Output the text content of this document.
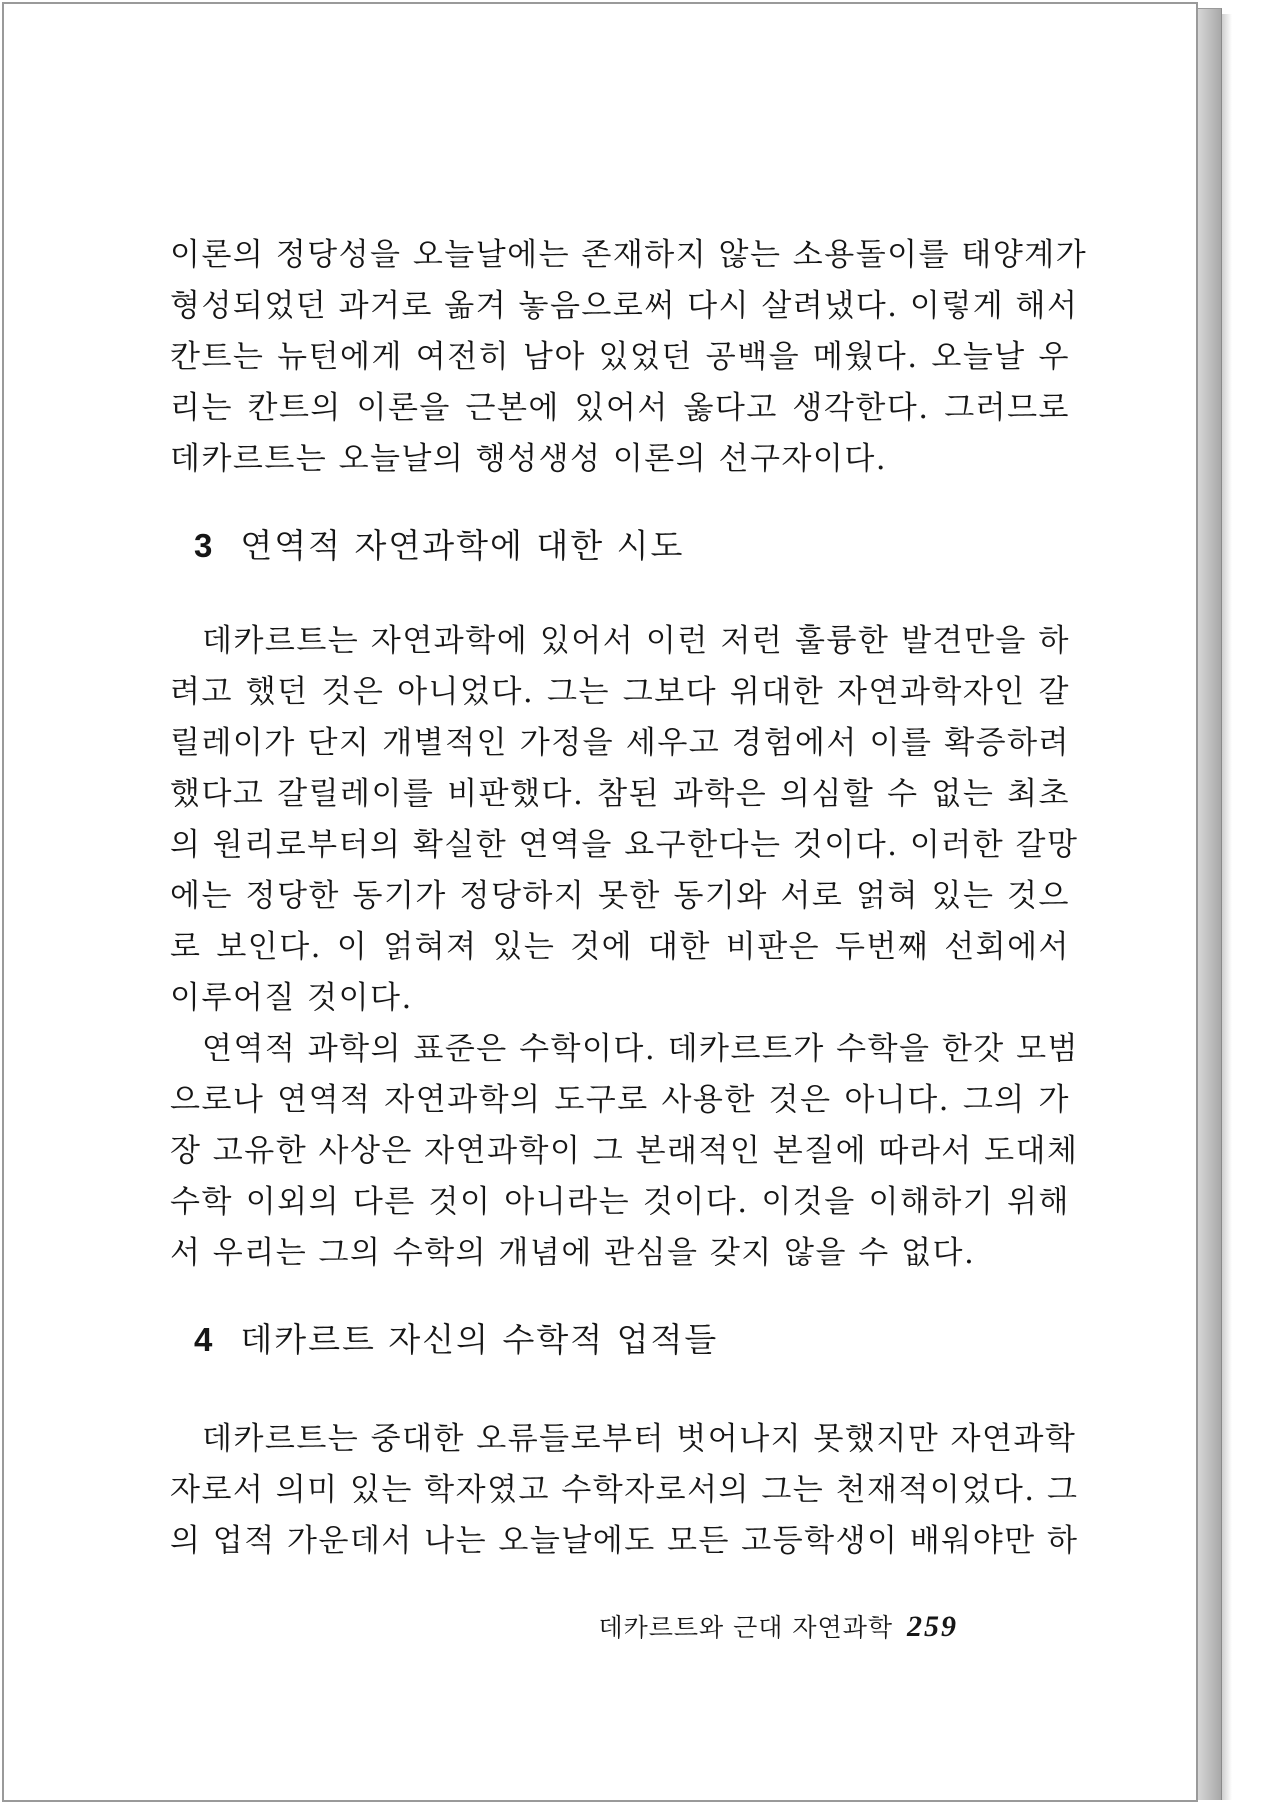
이론의 정당성을 오늘날에는 존재하지 않는 소용돌이를 태양계가
형성되었던 과거로 옮겨 놓음으로써 다시 살려냈다. 이렇게 해서
칸트는 뉴턴에게 여전히 남아 있었던 공백을 메웠다. 오늘날 우
리는 칸트의 이론을 근본에 있어서 옳다고 생각한다. 그러므로
데카르트는 오늘날의 행성생성 이론의 선구자이다.
3 연역적 자연과학에 대한 시도
데카르트는 자연과학에 있어서 이런 저런 훌륭한 발견만을 하
려고 했던 것은 아니었다. 그는 그보다 위대한 자연과학자인 갈
릴레이가 단지 개별적인 가정을 세우고 경험에서 이를 확증하려
했다고 갈릴레이를 비판했다. 참된 과학은 의심할 수 없는 최초
의 원리로부터의 확실한 연역을 요구한다는 것이다. 이러한 갈망
에는 정당한 동기가 정당하지 못한 동기와 서로 얽혀 있는 것으
로 보인다. 이 얽혀져 있는 것에 대한 비판은 두번째 선회에서
이루어질 것이다.
연역적 과학의 표준은 수학이다. 데카르트가 수학을 한갓 모범
으로나 연역적 자연과학의 도구로 사용한 것은 아니다. 그의 가
장 고유한 사상은 자연과학이 그 본래적인 본질에 따라서 도대체
수학 이외의 다른 것이 아니라는 것이다. 이것을 이해하기 위해
서 우리는 그의 수학의 개념에 관심을 갖지 않을 수 없다.
4 데카르트 자신의 수학적 업적들
데카르트는 중대한 오류들로부터 벗어나지 못했지만 자연과학
자로서 의미 있는 학자였고 수학자로서의 그는 천재적이었다. 그
의 업적 가운데서 나는 오늘날에도 모든 고등학생이 배워야만 하
데카르트와 근대 자연과학 259
